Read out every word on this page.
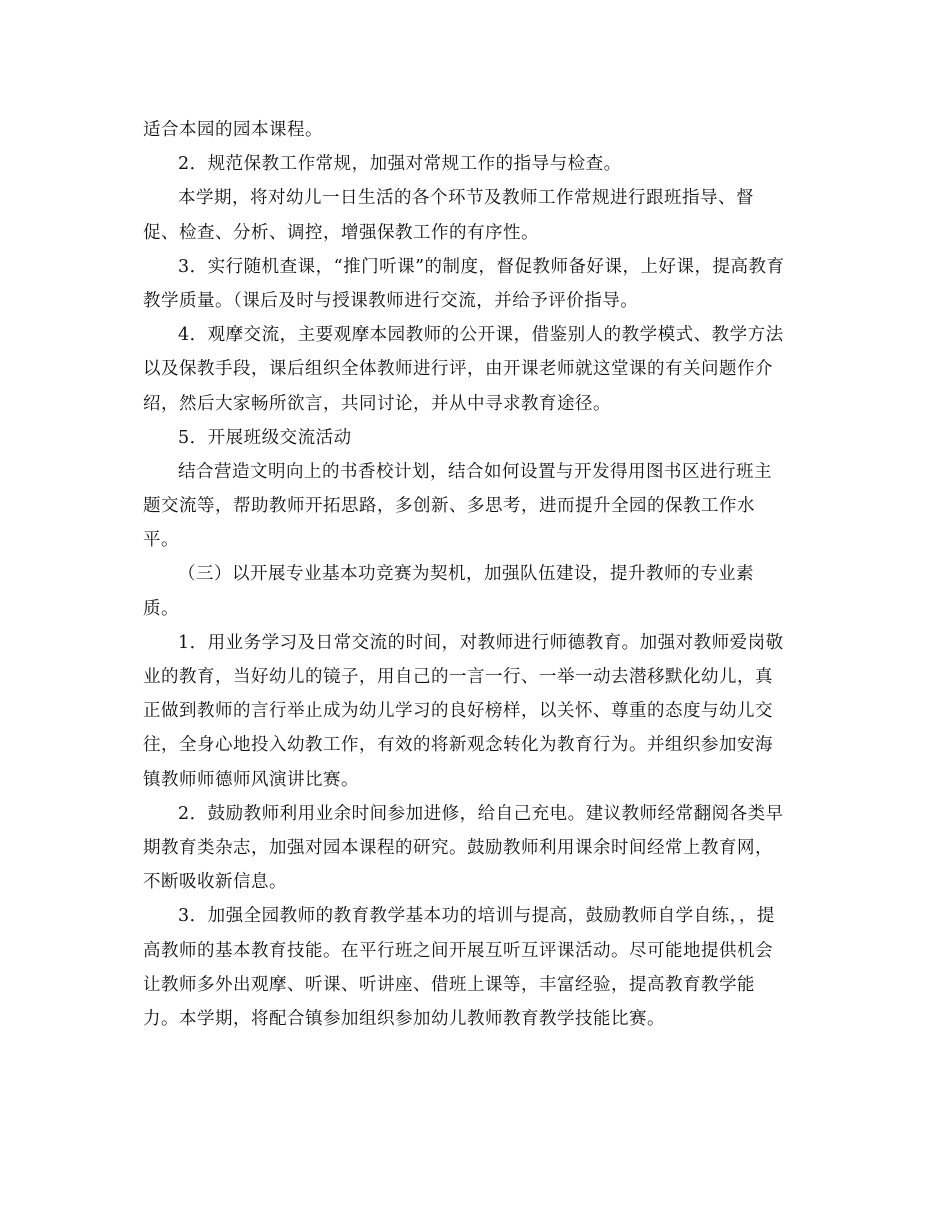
适合本园的园本课程。
2．规范保教工作常规，加强对常规工作的指导与检查。
本学期，将对幼儿一日生活的各个环节及教师工作常规进行跟班指导、督
促、检查、分析、调控，增强保教工作的有序性。
3．实行随机查课，“推门听课”的制度，督促教师备好课，上好课，提高教育
教学质量。（课后及时与授课教师进行交流，并给予评价指导。
4．观摩交流，主要观摩本园教师的公开课，借鉴别人的教学模式、教学方法
以及保教手段，课后组织全体教师进行评，由开课老师就这堂课的有关问题作介
绍，然后大家畅所欲言，共同讨论，并从中寻求教育途径。
5．开展班级交流活动
结合营造文明向上的书香校计划，结合如何设置与开发得用图书区进行班主
题交流等，帮助教师开拓思路，多创新、多思考，进而提升全园的保教工作水
平。
（三）以开展专业基本功竞赛为契机，加强队伍建设，提升教师的专业素
质。
1．用业务学习及日常交流的时间，对教师进行师德教育。加强对教师爱岗敬
业的教育，当好幼儿的镜子，用自己的一言一行、一举一动去潜移默化幼儿，真
正做到教师的言行举止成为幼儿学习的良好榜样，以关怀、尊重的态度与幼儿交
往，全身心地投入幼教工作，有效的将新观念转化为教育行为。并组织参加安海
镇教师师德师风演讲比赛。
2．鼓励教师利用业余时间参加进修，给自己充电。建议教师经常翻阅各类早
期教育类杂志，加强对园本课程的研究。鼓励教师利用课余时间经常上教育网，
不断吸收新信息。
3．加强全园教师的教育教学基本功的培训与提高，鼓励教师自学自练，，提
高教师的基本教育技能。在平行班之间开展互听互评课活动。尽可能地提供机会
让教师多外出观摩、听课、听讲座、借班上课等，丰富经验，提高教育教学能
力。本学期，将配合镇参加组织参加幼儿教师教育教学技能比赛。
